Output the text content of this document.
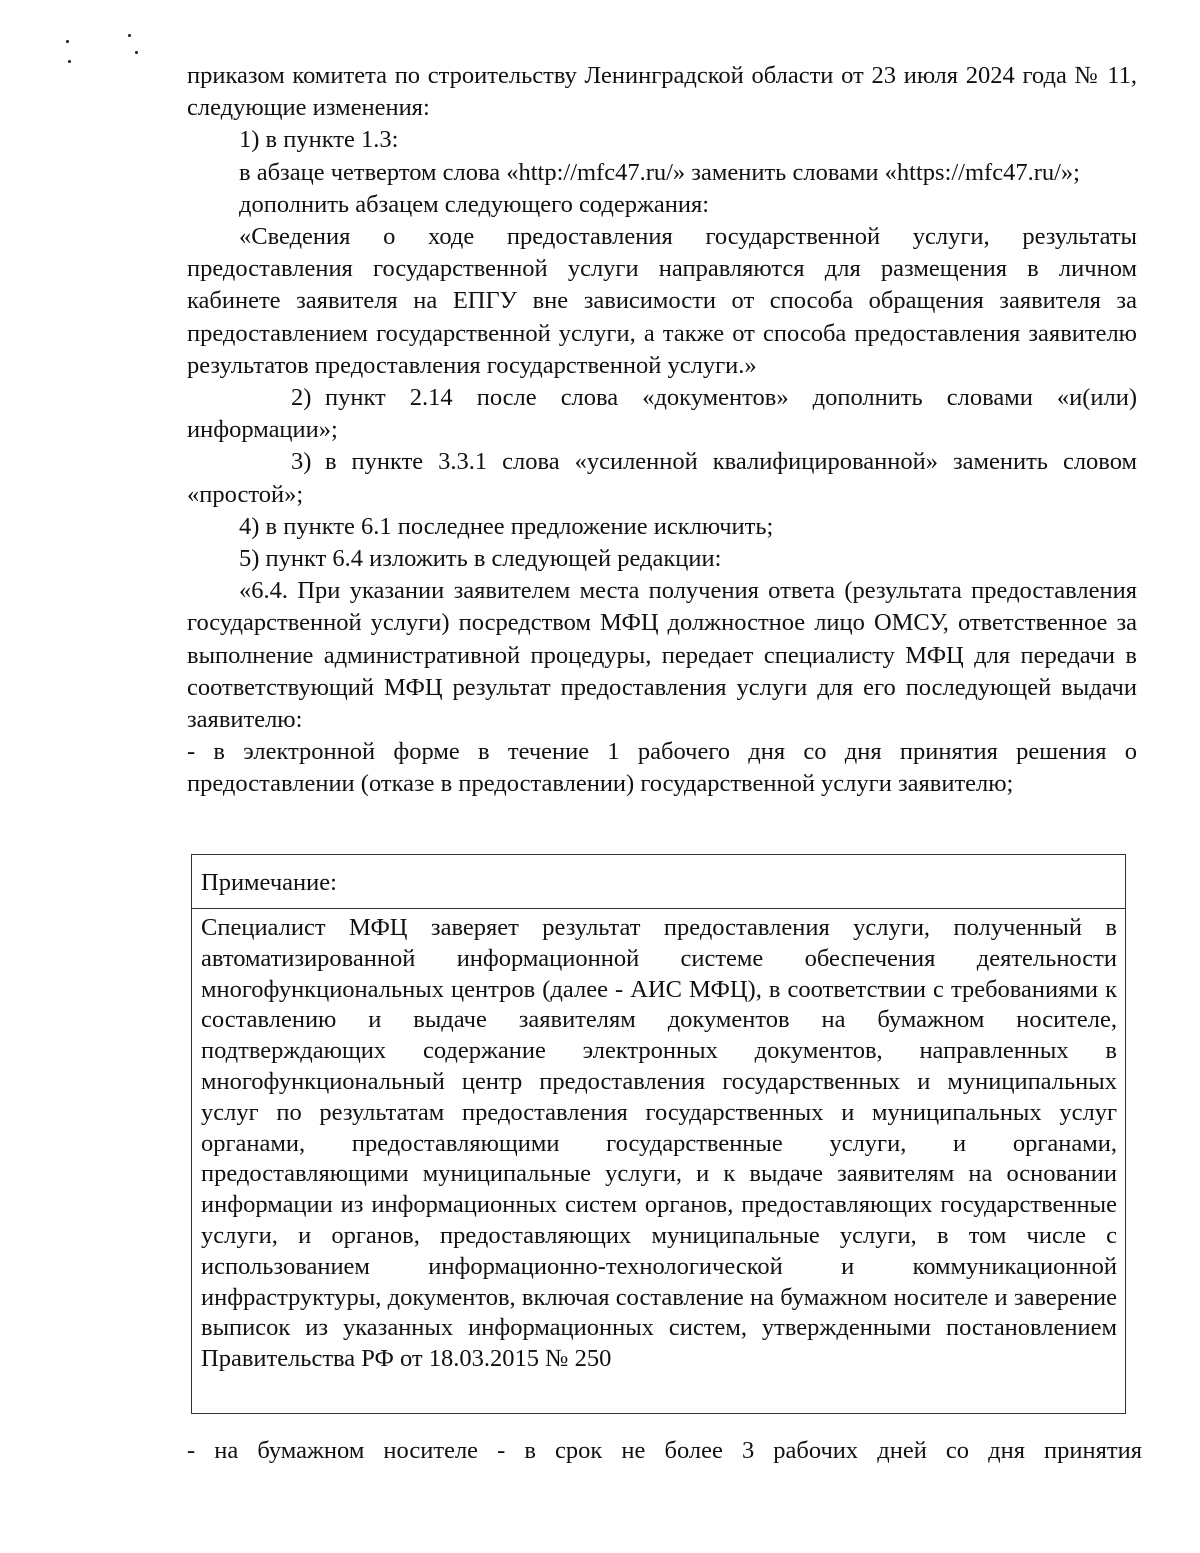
приказом комитета по строительству Ленинградской области от 23 июля 2024 года № 11, следующие изменения:

1) в пункте 1.3:

в абзаце четвертом слова «http://mfc47.ru/» заменить словами «https://mfc47.ru/»;

дополнить абзацем следующего содержания:

«Сведения о ходе предоставления государственной услуги, результаты предоставления государственной услуги направляются для размещения в личном кабинете заявителя на ЕПГУ вне зависимости от способа обращения заявителя за предоставлением государственной услуги, а также от способа предоставления заявителю результатов предоставления государственной услуги.»

2) пункт 2.14 после слова «документов» дополнить словами «и(или) информации»;

3) в пункте 3.3.1 слова «усиленной квалифицированной» заменить словом «простой»;

4) в пункте 6.1 последнее предложение исключить;

5) пункт 6.4 изложить в следующей редакции:

«6.4. При указании заявителем места получения ответа (результата предоставления государственной услуги) посредством МФЦ должностное лицо ОМСУ, ответственное за выполнение административной процедуры, передает специалисту МФЦ для передачи в соответствующий МФЦ результат предоставления услуги для его последующей выдачи заявителю:

- в электронной форме в течение 1 рабочего дня со дня принятия решения о предоставлении (отказе в предоставлении) государственной услуги заявителю;

Примечание:

Специалист МФЦ заверяет результат предоставления услуги, полученный в автоматизированной информационной системе обеспечения деятельности многофункциональных центров (далее - АИС МФЦ), в соответствии с требованиями к составлению и выдаче заявителям документов на бумажном носителе, подтверждающих содержание электронных документов, направленных в многофункциональный центр предоставления государственных и муниципальных услуг по результатам предоставления государственных и муниципальных услуг органами, предоставляющими государственные услуги, и органами, предоставляющими муниципальные услуги, и к выдаче заявителям на основании информации из информационных систем органов, предоставляющих государственные услуги, и органов, предоставляющих муниципальные услуги, в том числе с использованием информационно-технологической и коммуникационной инфраструктуры, документов, включая составление на бумажном носителе и заверение выписок из указанных информационных систем, утвержденными постановлением Правительства РФ от 18.03.2015 № 250

- на бумажном носителе - в срок не более 3 рабочих дней со дня принятия
